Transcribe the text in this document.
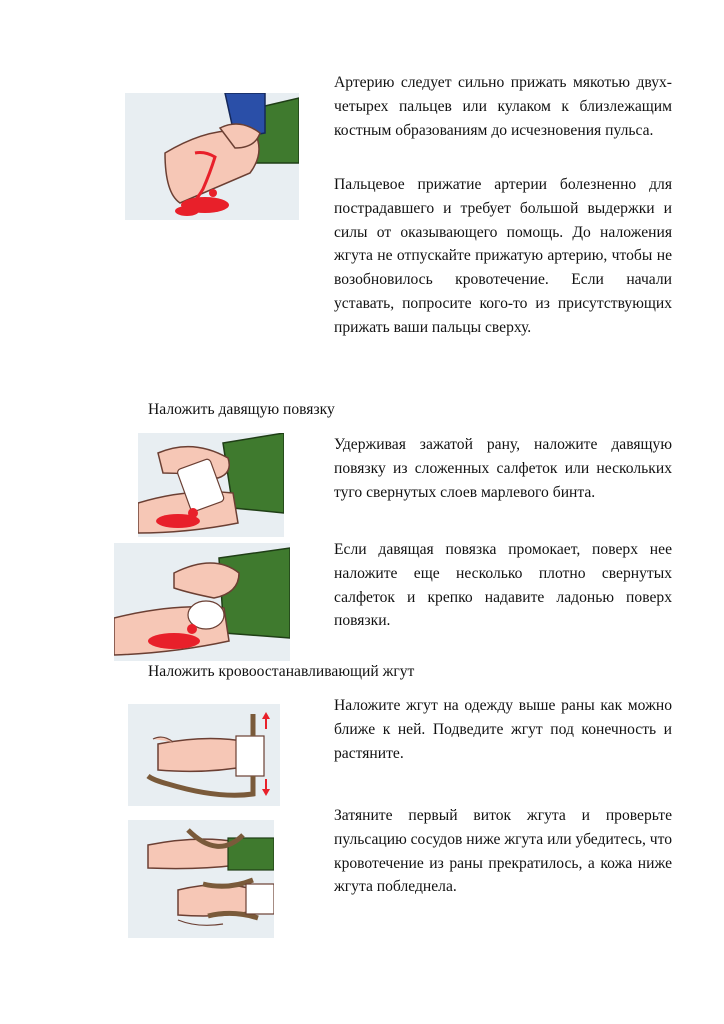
Артерию следует сильно прижать мякотью двух-четырех пальцев или кулаком к близлежащим костным образованиям до исчезновения пульса.

Пальцевое прижатие артерии болезненно для пострадавшего и требует большой выдержки и силы от оказывающего помощь. До наложения жгута не отпускайте прижатую артерию, чтобы не возобновилось кровотечение. Если начали уставать, попросите кого-то из присутствующих прижать ваши пальцы сверху.

Наложить давящую повязку

Удерживая зажатой рану, наложите давящую повязку из сложенных салфеток или нескольких туго свернутых слоев марлевого бинта.

Если давящая повязка промокает, поверх нее наложите еще несколько плотно свернутых салфеток и крепко надавите ладонью поверх повязки.

Наложить кровоостанавливающий жгут

Наложите жгут на одежду выше раны как можно ближе к ней. Подведите жгут под конечность и растяните.

Затяните первый виток жгута и проверьте пульсацию сосудов ниже жгута или убедитесь, что кровотечение из раны прекратилось, а кожа ниже жгута побледнела.
